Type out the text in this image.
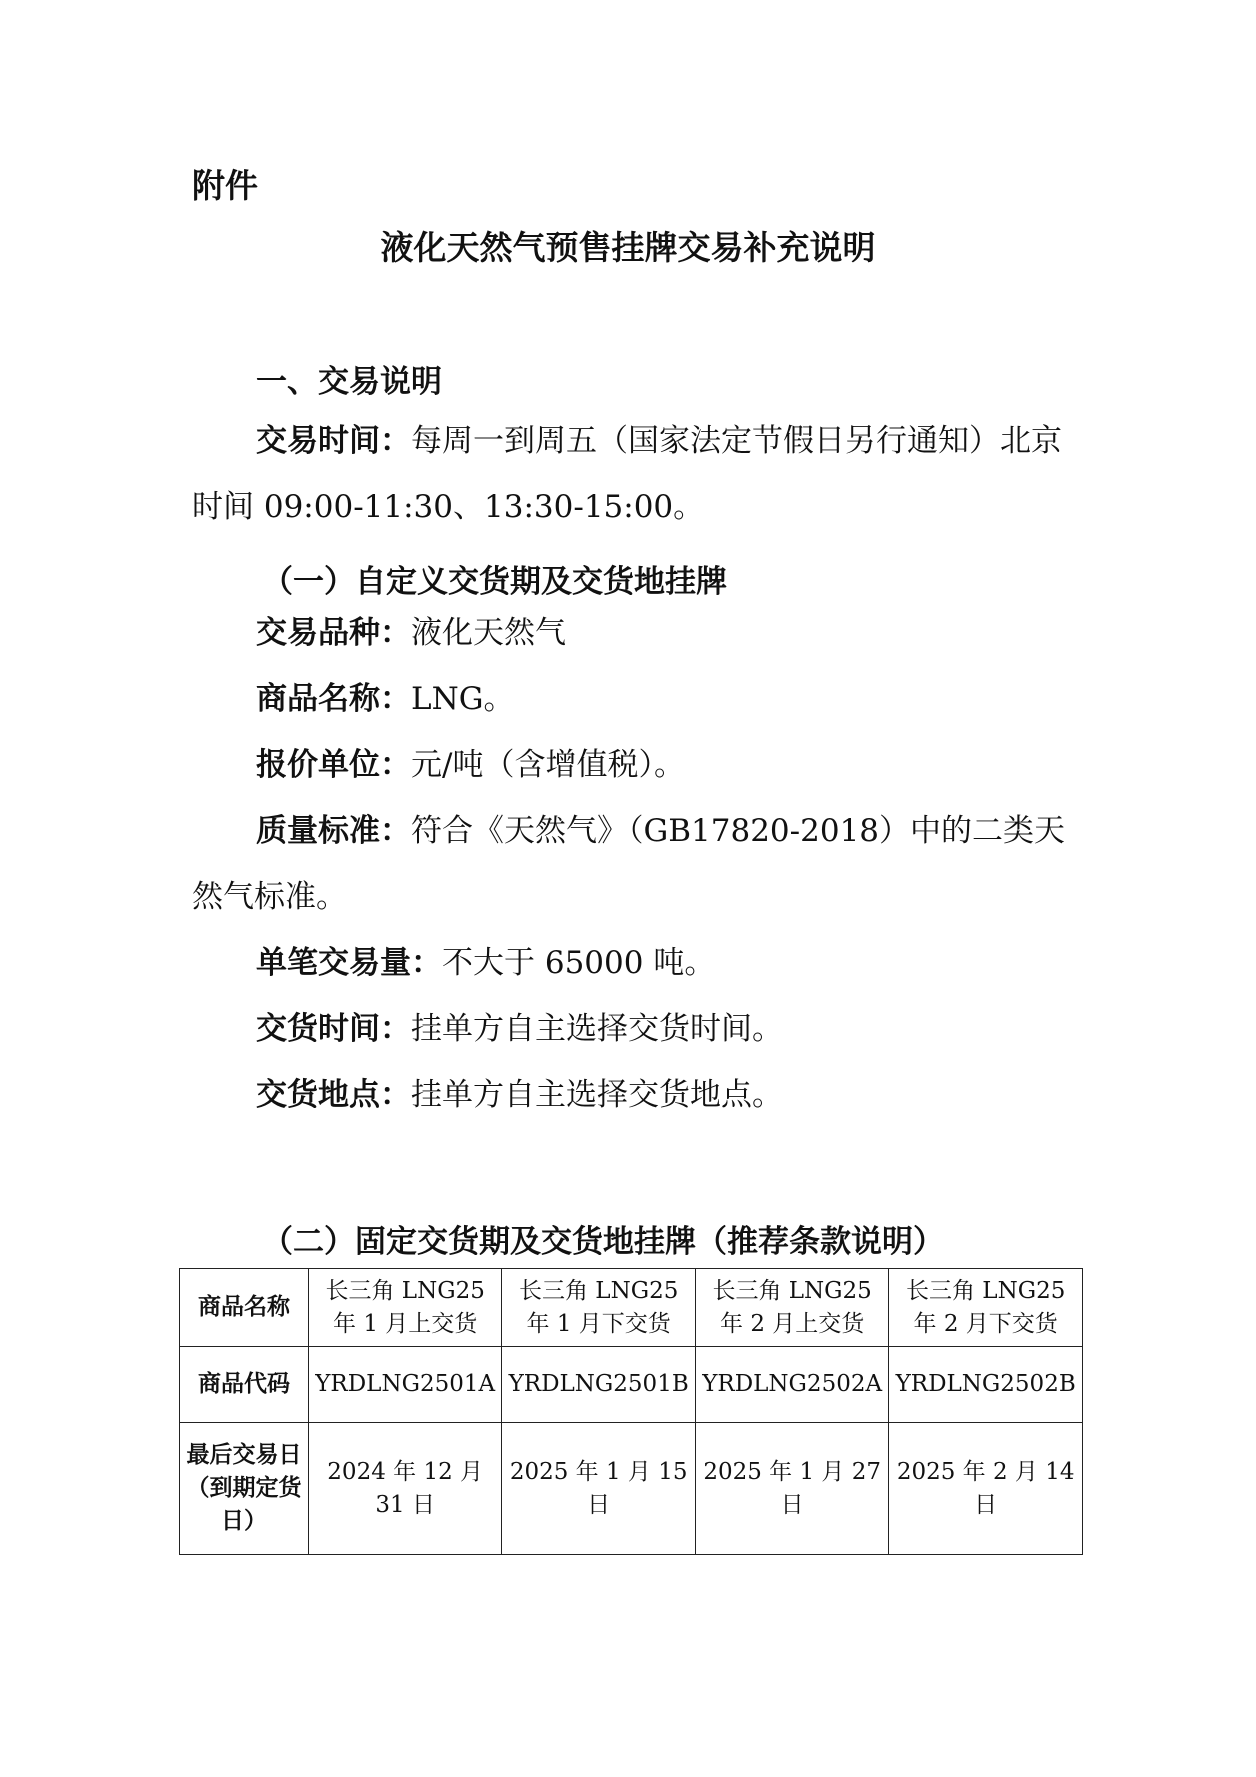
附件
液化天然气预售挂牌交易补充说明
一、交易说明
交易时间：每周一到周五（国家法定节假日另行通知）北京时间 09:00-11:30、13:30-15:00。
（一）自定义交货期及交货地挂牌
交易品种：液化天然气
商品名称：LNG。
报价单位：元/吨（含增值税）。
质量标准：符合《天然气》（GB17820-2018）中的二类天然气标准。
单笔交易量：不大于 65000 吨。
交货时间：挂单方自主选择交货时间。
交货地点：挂单方自主选择交货地点。
（二）固定交货期及交货地挂牌（推荐条款说明）
商品名称	长三角 LNG25 年 1 月上交货	长三角 LNG25 年 1 月下交货	长三角 LNG25 年 2 月上交货	长三角 LNG25 年 2 月下交货
商品代码	YRDLNG2501A	YRDLNG2501B	YRDLNG2502A	YRDLNG2502B
最后交易日（到期定货日）	2024 年 12 月 31 日	2025 年 1 月 15 日	2025 年 1 月 27 日	2025 年 2 月 14 日
